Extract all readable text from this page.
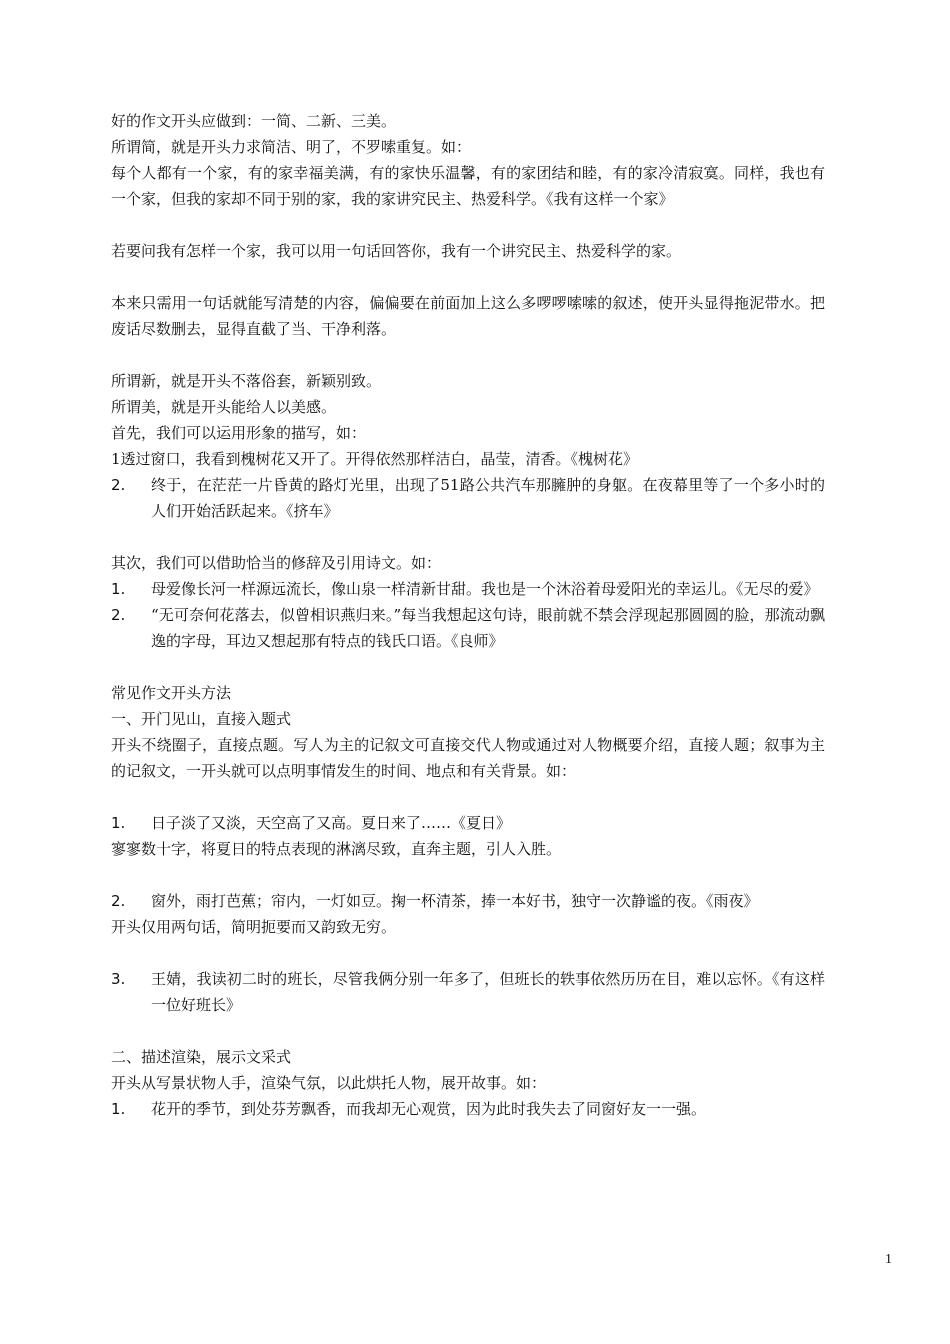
好的作文开头应做到：一简、二新、三美。

所谓简，就是开头力求简洁、明了，不罗嗦重复。如：

每个人都有一个家，有的家幸福美满，有的家快乐温馨，有的家团结和睦，有的家冷清寂寞。同样，我也有一个家，但我的家却不同于别的家，我的家讲究民主、热爱科学。《我有这样一个家》

若要问我有怎样一个家，我可以用一句话回答你，我有一个讲究民主、热爱科学的家。

本来只需用一句话就能写清楚的内容，偏偏要在前面加上这么多啰啰嗦嗦的叙述，使开头显得拖泥带水。把废话尽数删去，显得直截了当、干净利落。

所谓新，就是开头不落俗套，新颖别致。

所谓美，就是开头能给人以美感。

首先，我们可以运用形象的描写，如：

1透过窗口，我看到槐树花又开了。开得依然那样洁白，晶莹，清香。《槐树花》

2.	终于，在茫茫一片昏黄的路灯光里，出现了51路公共汽车那臃肿的身躯。在夜幕里等了一个多小时的人们开始活跃起来。《挤车》

其次，我们可以借助恰当的修辞及引用诗文。如：

1.	母爱像长河一样源远流长，像山泉一样清新甘甜。我也是一个沐浴着母爱阳光的幸运儿。《无尽的爱》
2.	“无可奈何花落去，似曾相识燕归来。”每当我想起这句诗，眼前就不禁会浮现起那圆圆的脸，那流动飘逸的字母，耳边又想起那有特点的钱氏口语。《良师》

常见作文开头方法

一、开门见山，直接入题式

开头不绕圈子，直接点题。写人为主的记叙文可直接交代人物或通过对人物概要介绍，直接人题；叙事为主的记叙文，一开头就可以点明事情发生的时间、地点和有关背景。如：

1.	日子淡了又淡，天空高了又高。夏日来了……《夏日》

寥寥数十字，将夏日的特点表现的淋漓尽致，直奔主题，引人入胜。

2.	窗外，雨打芭蕉；帘内，一灯如豆。掬一杯清茶，捧一本好书，独守一次静谧的夜。《雨夜》

开头仅用两句话，简明扼要而又韵致无穷。

3.	王婧，我读初二时的班长，尽管我俩分别一年多了，但班长的轶事依然历历在目，难以忘怀。《有这样一位好班长》

二、描述渲染，展示文采式

开头从写景状物人手，渲染气氛，以此烘托人物，展开故事。如：

1.	花开的季节，到处芬芳飘香，而我却无心观赏，因为此时我失去了同窗好友一一强。
1
